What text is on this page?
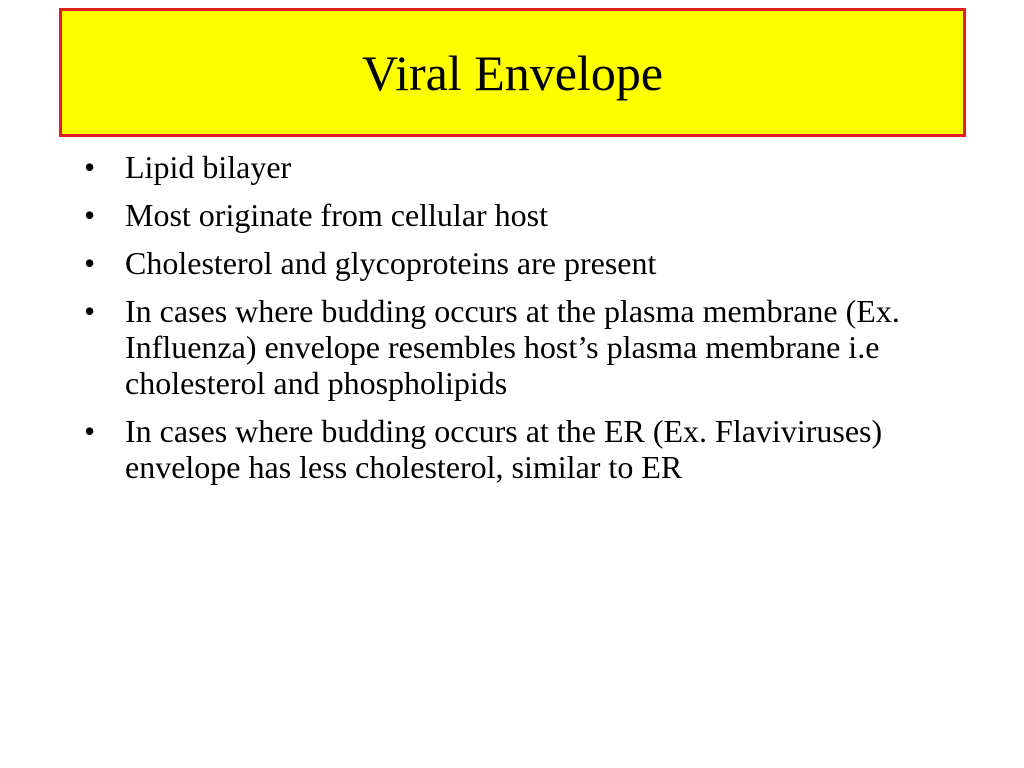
Viral Envelope
• Lipid bilayer
• Most originate from cellular host
• Cholesterol and glycoproteins are present
• In cases where budding occurs at the plasma membrane (Ex. Influenza) envelope resembles host’s plasma membrane i.e cholesterol and phospholipids
• In cases where budding occurs at the ER (Ex. Flaviviruses) envelope has less cholesterol, similar to ER
